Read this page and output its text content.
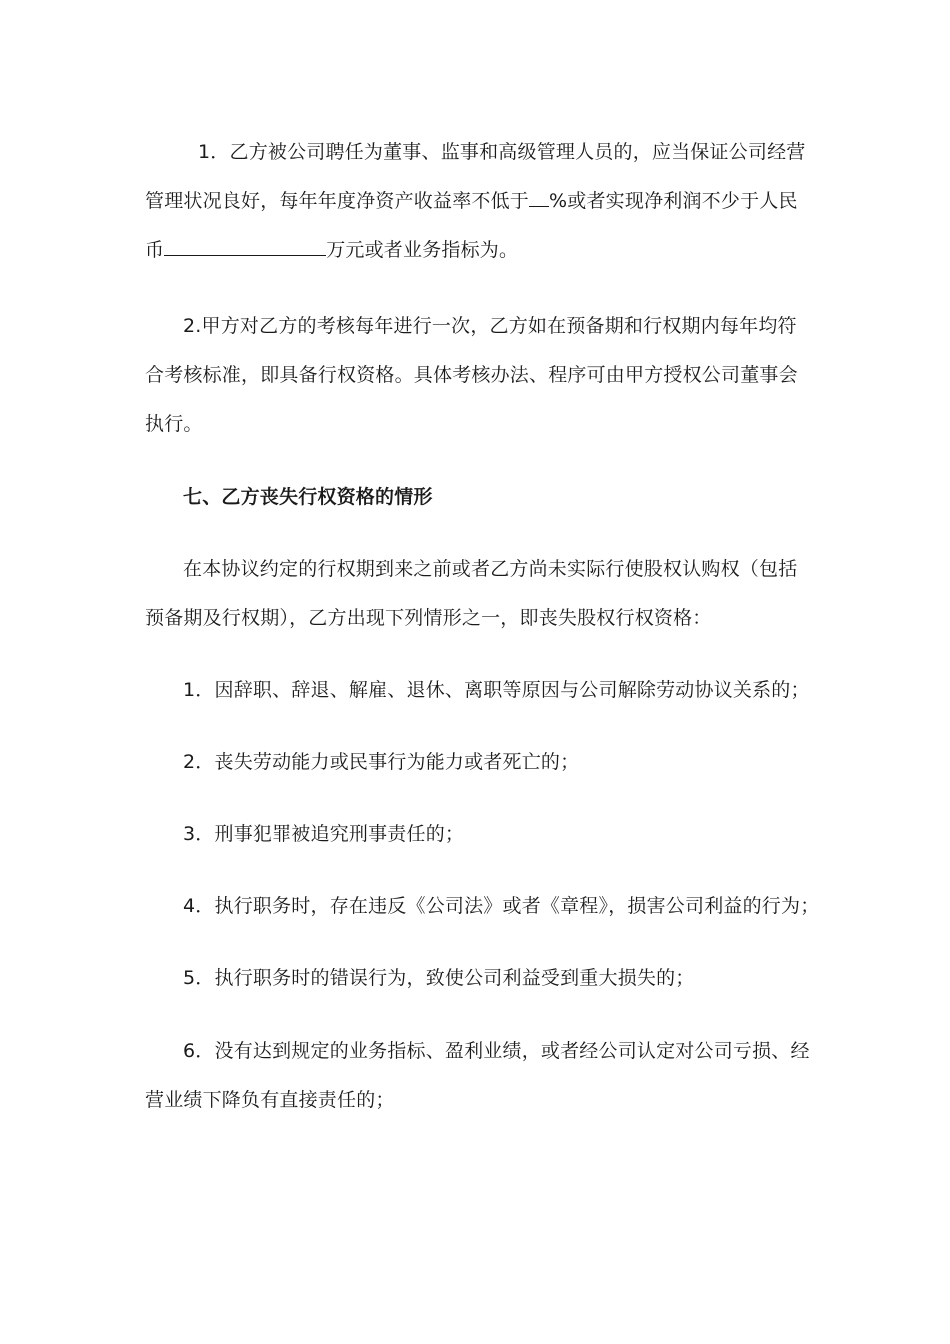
1．乙方被公司聘任为董事、监事和高级管理人员的，应当保证公司经营
管理状况良好，每年年度净资产收益率不低于 %或者实现净利润不少于人民
币	万元或者业务指标为。
2.甲方对乙方的考核每年进行一次，乙方如在预备期和行权期内每年均符
合考核标准，即具备行权资格。具体考核办法、程序可由甲方授权公司董事会
执行。
七、乙方丧失行权资格的情形
在本协议约定的行权期到来之前或者乙方尚未实际行使股权认购权（包括
预备期及行权期），乙方出现下列情形之一，即丧失股权行权资格：
1．因辞职、辞退、解雇、退休、离职等原因与公司解除劳动协议关系的；
2．丧失劳动能力或民事行为能力或者死亡的；
3．刑事犯罪被追究刑事责任的；
4．执行职务时，存在违反《公司法》或者《章程》，损害公司利益的行为；
5．执行职务时的错误行为，致使公司利益受到重大损失的；
6．没有达到规定的业务指标、盈利业绩，或者经公司认定对公司亏损、经
营业绩下降负有直接责任的；
